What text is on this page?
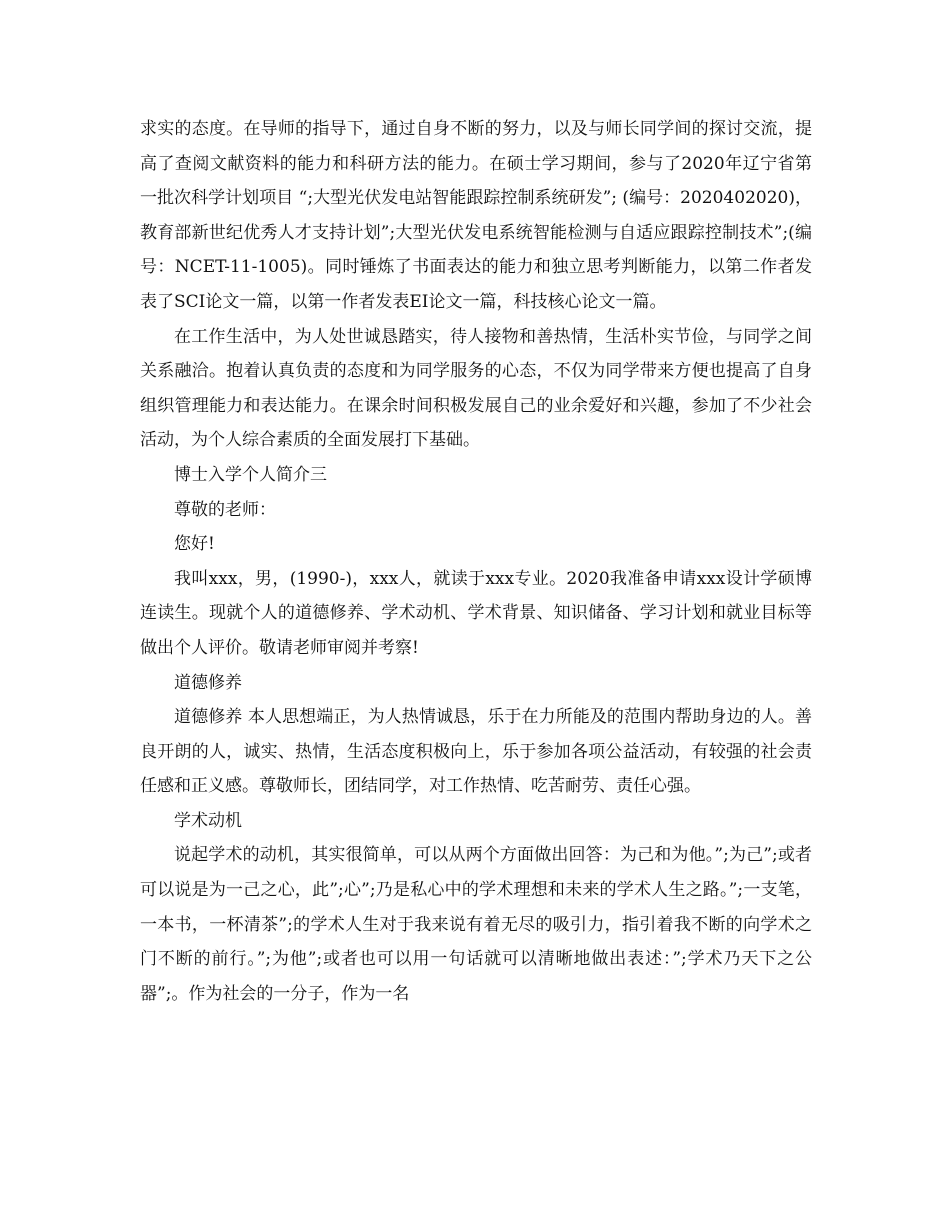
求实的态度。在导师的指导下，通过自身不断的努力，以及与师长同学间的探讨交流，提高了查阅文献资料的能力和科研方法的能力。在硕士学习期间，参与了2020年辽宁省第一批次科学计划项目 “;大型光伏发电站智能跟踪控制系统研发”; (编号：2020402020)，教育部新世纪优秀人才支持计划”;大型光伏发电系统智能检测与自适应跟踪控制技术”;(编号：NCET-11-1005)。同时锤炼了书面表达的能力和独立思考判断能力，以第二作者发表了SCI论文一篇，以第一作者发表EI论文一篇，科技核心论文一篇。

在工作生活中，为人处世诚恳踏实，待人接物和善热情，生活朴实节俭，与同学之间关系融洽。抱着认真负责的态度和为同学服务的心态，不仅为同学带来方便也提高了自身组织管理能力和表达能力。在课余时间积极发展自己的业余爱好和兴趣，参加了不少社会活动，为个人综合素质的全面发展打下基础。

博士入学个人简介三

尊敬的老师：

您好!

我叫xxx，男，(1990-)，xxx人，就读于xxx专业。2020我准备申请xxx设计学硕博连读生。现就个人的道德修养、学术动机、学术背景、知识储备、学习计划和就业目标等做出个人评价。敬请老师审阅并考察!

道德修养

道德修养 本人思想端正，为人热情诚恳，乐于在力所能及的范围内帮助身边的人。善良开朗的人，诚实、热情，生活态度积极向上，乐于参加各项公益活动，有较强的社会责任感和正义感。尊敬师长，团结同学，对工作热情、吃苦耐劳、责任心强。

学术动机

说起学术的动机，其实很简单，可以从两个方面做出回答：为己和为他。”;为己”;或者可以说是为一己之心，此”;心”;乃是私心中的学术理想和未来的学术人生之路。”;一支笔，一本书，一杯清茶”;的学术人生对于我来说有着无尽的吸引力，指引着我不断的向学术之门不断的前行。”;为他”;或者也可以用一句话就可以清晰地做出表述：”;学术乃天下之公器”;。作为社会的一分子，作为一名
